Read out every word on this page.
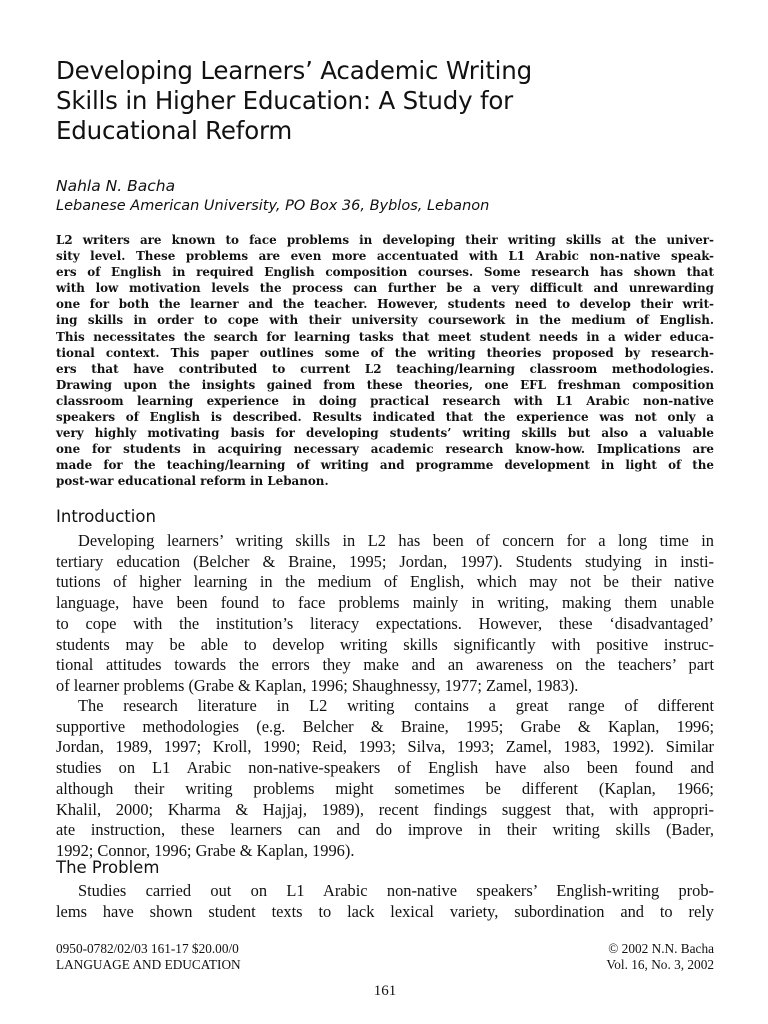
Developing Learners’ Academic Writing
Skills in Higher Education: A Study for
Educational Reform
Nahla N. Bacha
Lebanese American University, PO Box 36, Byblos, Lebanon
L2 writers are known to face problems in developing their writing skills at the univer-
sity level. These problems are even more accentuated with L1 Arabic non-native speak-
ers of English in required English composition courses. Some research has shown that
with low motivation levels the process can further be a very difficult and unrewarding
one for both the learner and the teacher. However, students need to develop their writ-
ing skills in order to cope with their university coursework in the medium of English.
This necessitates the search for learning tasks that meet student needs in a wider educa-
tional context. This paper outlines some of the writing theories proposed by research-
ers that have contributed to current L2 teaching/learning classroom methodologies.
Drawing upon the insights gained from these theories, one EFL freshman composition
classroom learning experience in doing practical research with L1 Arabic non-native
speakers of English is described. Results indicated that the experience was not only a
very highly motivating basis for developing students’ writing skills but also a valuable
one for students in acquiring necessary academic research know-how. Implications are
made for the teaching/learning of writing and programme development in light of the
post-war educational reform in Lebanon.
Introduction
Developing learners’ writing skills in L2 has been of concern for a long time in
tertiary education (Belcher & Braine, 1995; Jordan, 1997). Students studying in insti-
tutions of higher learning in the medium of English, which may not be their native
language, have been found to face problems mainly in writing, making them unable
to cope with the institution’s literacy expectations. However, these ‘disadvantaged’
students may be able to develop writing skills significantly with positive instruc-
tional attitudes towards the errors they make and an awareness on the teachers’ part
of learner problems (Grabe & Kaplan, 1996; Shaughnessy, 1977; Zamel, 1983).
The research literature in L2 writing contains a great range of different
supportive methodologies (e.g. Belcher & Braine, 1995; Grabe & Kaplan, 1996;
Jordan, 1989, 1997; Kroll, 1990; Reid, 1993; Silva, 1993; Zamel, 1983, 1992). Similar
studies on L1 Arabic non-native-speakers of English have also been found and
although their writing problems might sometimes be different (Kaplan, 1966;
Khalil, 2000; Kharma & Hajjaj, 1989), recent findings suggest that, with appropri-
ate instruction, these learners can and do improve in their writing skills (Bader,
1992; Connor, 1996; Grabe & Kaplan, 1996).
The Problem
Studies carried out on L1 Arabic non-native speakers’ English-writing prob-
lems have shown student texts to lack lexical variety, subordination and to rely
0950-0782/02/03 161-17 $20.00/0
LANGUAGE AND EDUCATION
© 2002 N.N. Bacha
Vol. 16, No. 3, 2002
161
